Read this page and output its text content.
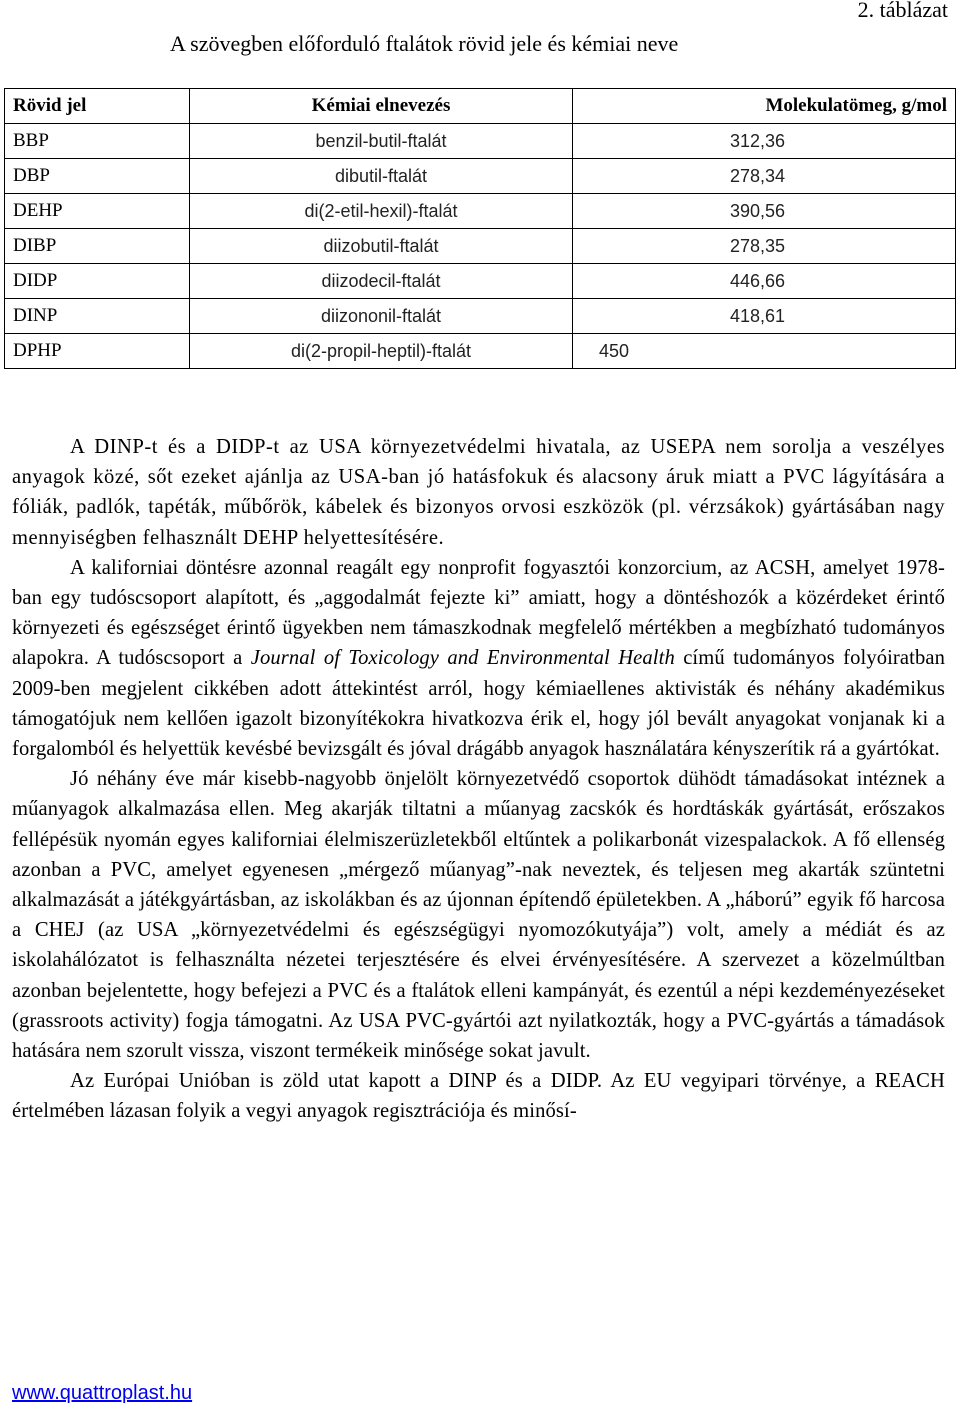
2. táblázat
A szövegben előforduló ftalátok rövid jele és kémiai neve
Rövid jel	Kémiai elnevezés	Molekulatömeg, g/mol
BBP	benzil-butil-ftalát	312,36
DBP	dibutil-ftalát	278,34
DEHP	di(2-etil-hexil)-ftalát	390,56
DIBP	diizobutil-ftalát	278,35
DIDP	diizodecil-ftalát	446,66
DINP	diizononil-ftalát	418,61
DPHP	di(2-propil-heptil)-ftalát	450

A DINP-t és a DIDP-t az USA környezetvédelmi hivatala, az USEPA nem sorolja a veszélyes anyagok közé, sőt ezeket ajánlja az USA-ban jó hatásfokuk és alacsony áruk miatt a PVC lágyítására a fóliák, padlók, tapéták, műbőrök, kábelek és bizonyos orvosi eszközök (pl. vérzsákok) gyártásában nagy mennyiségben felhasznált DEHP helyettesítésére.

A kaliforniai döntésre azonnal reagált egy nonprofit fogyasztói konzorcium, az ACSH, amelyet 1978-ban egy tudóscsoport alapított, és „aggodalmát fejezte ki” amiatt, hogy a döntéshozók a közérdeket érintő környezeti és egészséget érintő ügyekben nem támaszkodnak megfelelő mértékben a megbízható tudományos alapokra. A tudóscsoport a Journal of Toxicology and Environmental Health című tudományos folyóiratban 2009-ben megjelent cikkében adott áttekintést arról, hogy kémiaellenes aktivisták és néhány akadémikus támogatójuk nem kellően igazolt bizonyítékokra hivatkozva érik el, hogy jól bevált anyagokat vonjanak ki a forgalomból és helyettük kevésbé bevizsgált és jóval drágább anyagok használatára kényszerítik rá a gyártókat.

Jó néhány éve már kisebb-nagyobb önjelölt környezetvédő csoportok dühödt támadásokat intéznek a műanyagok alkalmazása ellen. Meg akarják tiltatni a műanyag zacskók és hordtáskák gyártását, erőszakos fellépésük nyomán egyes kaliforniai élelmiszerüzletekből eltűntek a polikarbonát vizespalackok. A fő ellenség azonban a PVC, amelyet egyenesen „mérgező műanyag”-nak neveztek, és teljesen meg akarták szüntetni alkalmazását a játékgyártásban, az iskolákban és az újonnan építendő épületekben. A „háború” egyik fő harcosa a CHEJ (az USA „környezetvédelmi és egészségügyi nyomozókutyája”) volt, amely a médiát és az iskolahálózatot is felhasználta nézetei terjesztésére és elvei érvényesítésére. A szervezet a közelmúltban azonban bejelentette, hogy befejezi a PVC és a ftalátok elleni kampányát, és ezentúl a népi kezdeményezéseket (grassroots activity) fogja támogatni. Az USA PVC-gyártói azt nyilatkozták, hogy a PVC-gyártás a támadások hatására nem szorult vissza, viszont termékeik minősége sokat javult.

Az Európai Unióban is zöld utat kapott a DINP és a DIDP. Az EU vegyipari törvénye, a REACH értelmében lázasan folyik a vegyi anyagok regisztrációja és minősí-

www.quattroplast.hu
